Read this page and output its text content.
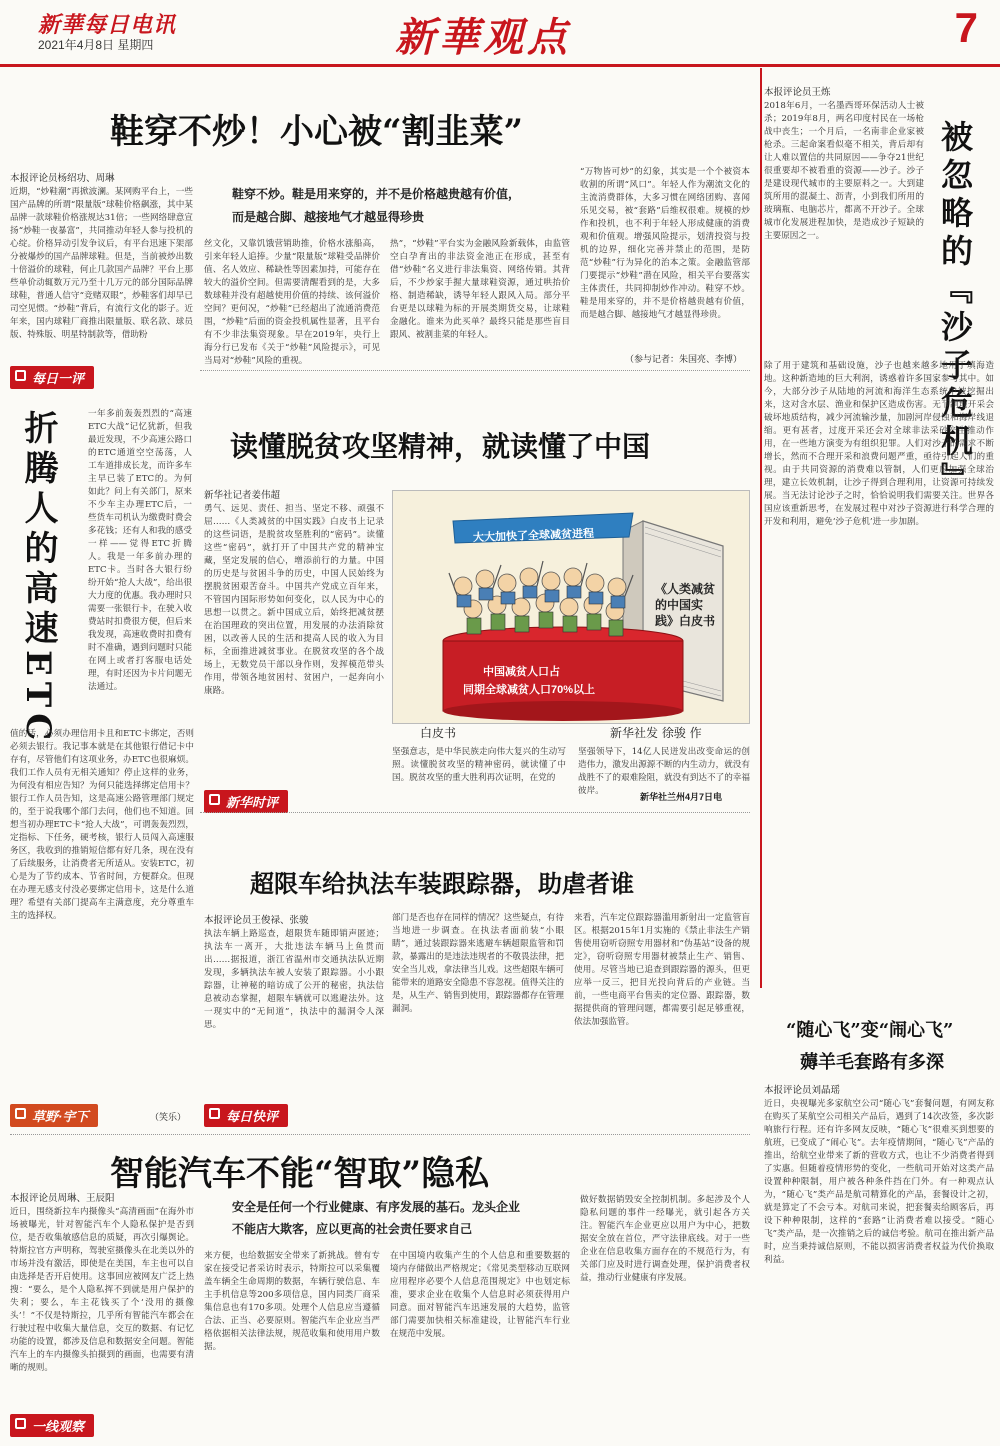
新華每日电讯
2021年4月8日 星期四	新華观点	7
鞋穿不炒！小心被“割韭菜”
本报评论员杨绍功、周琳
鞋穿不炒。鞋是用来穿的，并不是价格越贵越有价值，
而是越合脚、越接地气才越显得珍贵
近期，“炒鞋潮”再掀波澜。某网购平台上，一些国产品牌的所谓“限量版”球鞋价格飙涨，其中某品牌一款球鞋价格涨规达31倍；一些网络肆意宣扬“炒鞋一夜暴富”，共同推动年轻人参与投机的心绽。价格异动引发争议后，有平台迅速下架部分被爆炒的国产品牌球鞋。但是，当前被炒出数十倍溢价的球鞋，何止几款国产品牌？平台上那些单价动辄数万元乃至十几万元的部分国际品牌球鞋，普通人信守“竞赌双眼”，炒鞋客们却早已司空见惯。“炒鞋”背后，有流行文化的影子。近年来，国内球鞋厂商推出限量版、联名款、球员版、特殊版、明星特制款等，借助粉
丝文化，又靠饥饿营销助推，价格水涨船高，引来年轻人追捧。少量“限量版”球鞋受品牌价值、名人效应、稀缺性等因素加持，可能存在较大的溢价空间。但需要清醒看到的是，大多数球鞋并没有超越使用价值的持续、该何溢价空间？更何况，“炒鞋”已经超出了流通消费范围，“炒鞋”后面的资金投机属性显著，且平台有不少非法集资现象。早在2019年，央行上海分行已发布《关于“炒鞋”风险提示》，可见当局对“炒鞋”风险的重视。
热”，“炒鞋”平台实为金融风险新载体，由监管空白孕育出的非法资金池正在形成，甚至有借“炒鞋”名义进行非法集资、网络传销。其背后，不少炒家手握大量球鞋资源，通过哄抬价格、制造稀缺，诱导年轻人跟风入局。部分平台更是以球鞋为标的开展类期货交易，让球鞋金融化。谁来为此买单？最终只能是那些盲目跟风、被割韭菜的年轻人。
“万物皆可炒”的幻象，其实是一个个被资本收割的所谓“风口”。年轻人作为潮流文化的主流消费群体，大多习惯在网络团购、喜闻乐见交易，被“套路”后维权很难。规模的炒作和投机，也不利于年轻人形成健康的消费观和价值观。增强风险提示，划清投资与投机的边界，细化完善并禁止的范围，是防范“炒鞋”行为异化的治本之策。金融监管部门要提示“炒鞋”潜在风险，相关平台要落实主体责任，共同抑制炒作冲动。鞋穿不炒。鞋是用来穿的，并不是价格越贵越有价值，而是越合脚、越接地气才越显得珍贵。
（参与记者：朱国亮、李博）
每日一评
折腾人的高速ETC	一年多前轰轰烈烈的“高速ETC大战”记忆犹新，但我最近发现，不少高速公路口的ETC通道空空荡荡，人工车道排成长龙，而许多车主早已装了ETC的。为何如此？问上有关部门，原来不少车主办理ETC后，一些货车司机认为缴费时费会多花钱；还有人和我的感受一样——觉得ETC折腾人。我是一年多前办理的ETC卡。当时各大银行纷纷开始“抢人大战”，给出很大力度的优惠。我办理时只需要一张银行卡，在驶入收费站时扣费很方便，但后来我发现，高速收费时扣费有时不准确，遇到问题时只能在网上或者打客服电话处理，有时还因为卡片问题无法通过。
值的话，必须办理信用卡且和ETC卡绑定，否则必须去银行。我记事本就是在其他银行借记卡中存有，尽管他们有这项业务，办ETC也很麻烦。我们工作人员有无相关通知？停止这样的业务，为何没有相应告知？为何只能选择绑定信用卡？银行工作人员告知，这是高速公路管理部门规定的，至于说我哪个部门去问，他们也不知道。回想当初办理ETC卡“抢人大战”，可谓轰轰烈烈，定指标、下任务，硬考核，银行人员闯入高速服务区，我收到的推销短信都有好几条，现在没有了后续服务，让消费者无所适从。安装ETC，初心是为了节约成本、节省时间，方便群众。但现在办理无感支付没必要绑定信用卡，这是什么道理？希望有关部门提高车主满意度，充分尊重车主的选择权。
（笑乐）
草野·宇下
读懂脱贫攻坚精神，就读懂了中国
新华社记者姜伟超
勇气、远见、责任、担当、坚定不移、顽强不屈……《人类减贫的中国实践》白皮书上记录的这些词语，是脱贫攻坚胜利的“密码”。读懂这些“密码”，就打开了中国共产党的精神宝藏，坚定发展的信心，增添前行的力量。中国的历史是与贫困斗争的历史，中国人民始终为摆脱贫困艰苦奋斗。中国共产党成立百年来，不管国内国际形势如何变化，以人民为中心的思想一以贯之。新中国成立后，始终把减贫摆在治国理政的突出位置，用发展的办法消除贫困，以改善人民的生活和提高人民的收入为目标，全面推进减贫事业。在脱贫攻坚的各个战场上，无数党员干部以身作则，发挥模范带头作用，带领各地贫困村、贫困户，一起奔向小康路。
坚强意志，是中华民族走向伟大复兴的生动写照。读懂脱贫攻坚的精神密码，就读懂了中国。脱贫攻坚的重大胜利再次证明，在党的
坚强领导下，14亿人民迸发出改变命运的创造伟力，激发出源源不断的内生动力，就没有战胜不了的艰难险阻，就没有到达不了的幸福彼岸。
新华社兰州4月7日电
新华时评
大大加快了全球减贫进程
《人类减贫的中国实践》白皮书
中国减贫人口占
同期全球减贫人口70%以上
白皮书	新华社发 徐骏 作
本报评论员王炼
2018年6月，一名墨西哥环保活动人士被杀；2019年8月，两名印度村民在一场枪战中丧生；一个月后，一名南非企业家被枪杀。三起命案看似毫不相关，背后却有让人难以置信的共同原因——争夺21世纪很重要却不被看重的资源——沙子。沙子是建设现代城市的主要原料之一。大到建筑所用的混凝土、沥青，小到我们所用的玻璃瓶、电脑芯片，都离不开沙子。全球城市化发展进程加快，是造成沙子短缺的主要原因之一。	被忽略的『沙子危机』
除了用于建筑和基础设施，沙子也越来越多地用于填海造地。这种新造地的巨大利润，诱惑着许多国家参与其中。如今，大部分沙子从陆地的河流和海洋生态系统中被挖掘出来，这对含水层、渔业和保护区造成伤害。无节制地开采会破坏地质结构，减少河流输沙量，加剧河岸侵蚀和海岸线退缩。更有甚者，过度开采还会对全球非法采砂产生推动作用，在一些地方演变为有组织犯罪。人们对沙子的需求不断增长，然而不合理开采和浪费问题严重，亟待引起人们的重视。由于共同资源的消费难以管制，人们更应加强全球治理，建立长效机制，让沙子得到合理利用，让资源可持续发展。当无法讨论沙子之时，恰恰说明我们需要关注。世界各国应该重新思考，在发展过程中对沙子资源进行科学合理的开发和利用，避免‘沙子危机’进一步加剧。
超限车给执法车装跟踪器，助虐者谁
本报评论员王俊禄、张骏
执法车辆上路巡查，超限货车随即销声匿迹；执法车一离开，大批违法车辆马上鱼贯而出……据报道，浙江省温州市交通执法队近期发现，多辆执法车被人安装了跟踪器。小小跟踪器，让神秘的暗访成了公开的秘密，执法信息被动态掌握，超限车辆就可以逃避法外。这一现实中的“无间道”，执法中的漏洞令人深思。
部门是否也存在同样的情况？这些疑点，有待当地进一步调查。在执法者面前装“小眼睛”，通过装跟踪器来逃避车辆超限监管和罚款，暴露出的是违法违规者的不敬畏法律，把安全当儿戏，拿法律当儿戏。这些超限车辆可能带来的道路安全隐患不容忽视。值得关注的是，从生产、销售到使用，跟踪器都存在管理漏洞。
来看，汽车定位跟踪器滥用新射出一定监管盲区。根据2015年1月实施的《禁止非法生产销售使用窃听窃照专用器材和“伪基站”设备的规定》，窃听窃照专用器材被禁止生产、销售、使用。尽管当地已追查到跟踪器的源头，但更应举一反三，把目光投向背后的产业链。当前，一些电商平台售卖的定位器、跟踪器，数据提供商的管理问题，都需要引起足够重视，依法加强监管。
每日快评
“随心飞”变“闹心飞”
薅羊毛套路有多深
本报评论员刘晶瑶
近日，央视曝光多家航空公司“随心飞”套餐问题，有网友称在购买了某航空公司相关产品后，遇到了14次改签，多次影响旅行行程。还有许多网友反映，“随心飞”很难买到想要的航班，已变成了“闹心飞”。去年疫情期间，“随心飞”产品的推出，给航空业带来了新的营收方式，也让不少消费者得到了实惠。但随着疫情形势的变化，一些航司开始对这类产品设置种种限制，用户被各种条件挡在门外。有一种观点认为，“随心飞”类产品是航司精算化的产品，套餐设计之初，就是算定了不会亏本。对航司来说，把套餐卖给顾客后，再设下种种限制，这样的“套路”让消费者难以接受。“随心飞”类产品，是一次推销之后的诚信考验。航司在推出新产品时，应当秉持诚信原则，不能以损害消费者权益为代价换取利益。
智能汽车不能“智取”隐私
本报评论员周琳、王辰阳
安全是任何一个行业健康、有序发展的基石。龙头企业
不能店大欺客，应以更高的社会责任要求自己
近日，围绕新拉车内摄像头“高清画面”在海外市场被曝光，针对智能汽车个人隐私保护是否到位，是否收集敏感信息的质疑，再次引爆舆论。特斯拉官方声明称，驾驶室摄像头在北美以外的市场并没有激活，即使是在美国，车主也可以自由选择是否开启使用。这事回应被网友广泛上热搜：“要么，是个人隐私挥不到就是用户保护的失利；要么，车主花钱买了个‘没用的摄像头’！”不仅是特斯拉，几乎所有智能汽车都会在行驶过程中收集大量信息，交互的数据、有记忆功能的设置，都涉及信息和数据安全问题。智能汽车上的车内摄像头拍摄到的画面，也需要有清晰的规则。
来方便，也给数据安全带来了新挑战。曾有专家在接受记者采访时表示，特斯拉可以采集覆盖车辆全生命周期的数据，车辆行驶信息、车主手机信息等200多项信息，国内同类厂商采集信息也有170多项。处理个人信息应当遵循合法、正当、必要原则。智能汽车企业应当严格依据相关法律法规，规范收集和使用用户数据。
在中国境内收集产生的个人信息和重要数据的境内存储做出严格规定；《常见类型移动互联网应用程序必要个人信息范围规定》中也划定标准，要求企业在收集个人信息时必须获得用户同意。面对智能汽车迅速发展的大趋势，监管部门需要加快相关标准建设，让智能汽车行业在规范中发展。
做好数据销毁安全控制机制。多起涉及个人隐私问题的事件一经曝光，就引起各方关注。智能汽车企业更应以用户为中心，把数据安全放在首位，严守法律底线。对于一些企业在信息收集方面存在的不规范行为，有关部门应及时进行调查处理，保护消费者权益，推动行业健康有序发展。
一线观察
